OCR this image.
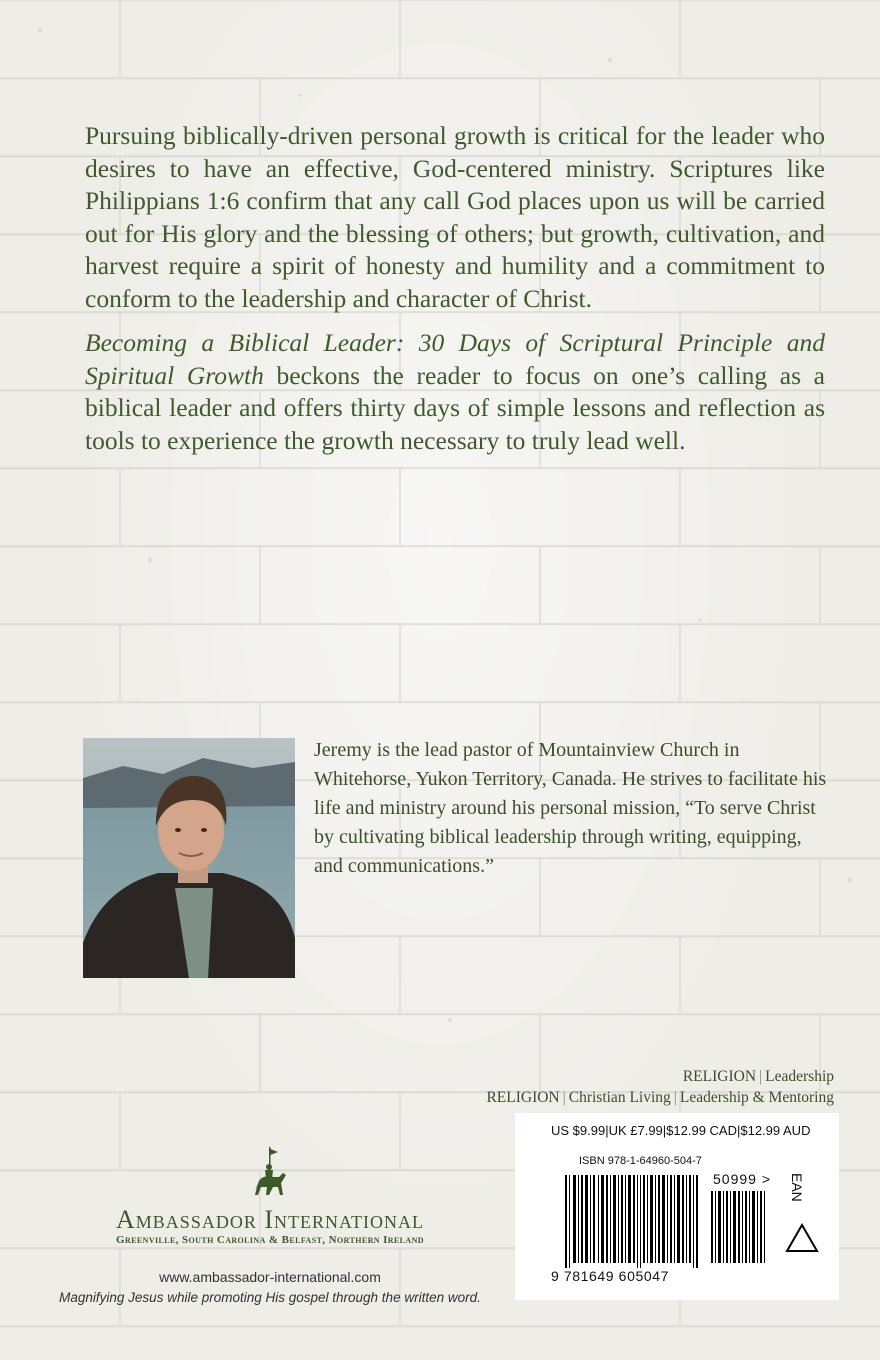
Pursuing biblically-driven personal growth is critical for the leader who desires to have an effective, God-centered ministry. Scriptures like Philippians 1:6 confirm that any call God places upon us will be carried out for His glory and the blessing of others; but growth, cultivation, and harvest require a spirit of honesty and humility and a commitment to conform to the leadership and character of Christ.

Becoming a Biblical Leader: 30 Days of Scriptural Principle and Spiritual Growth beckons the reader to focus on one’s calling as a biblical leader and offers thirty days of simple lessons and reflection as tools to experience the growth necessary to truly lead well.

Jeremy is the lead pastor of Mountainview Church in Whitehorse, Yukon Territory, Canada. He strives to facilitate his life and ministry around his personal mission, “To serve Christ by cultivating biblical leadership through writing, equipping, and communications.”

RELIGION | Leadership
RELIGION | Christian Living | Leadership & Mentoring
US $9.99|UK £7.99|$12.99 CAD|$12.99 AUD
ISBN 978-1-64960-504-7
50999 > EAN
9 781649 605047
Ambassador International
Greenville, South Carolina & Belfast, Northern Ireland
www.ambassador-international.com
Magnifying Jesus while promoting His gospel through the written word.
